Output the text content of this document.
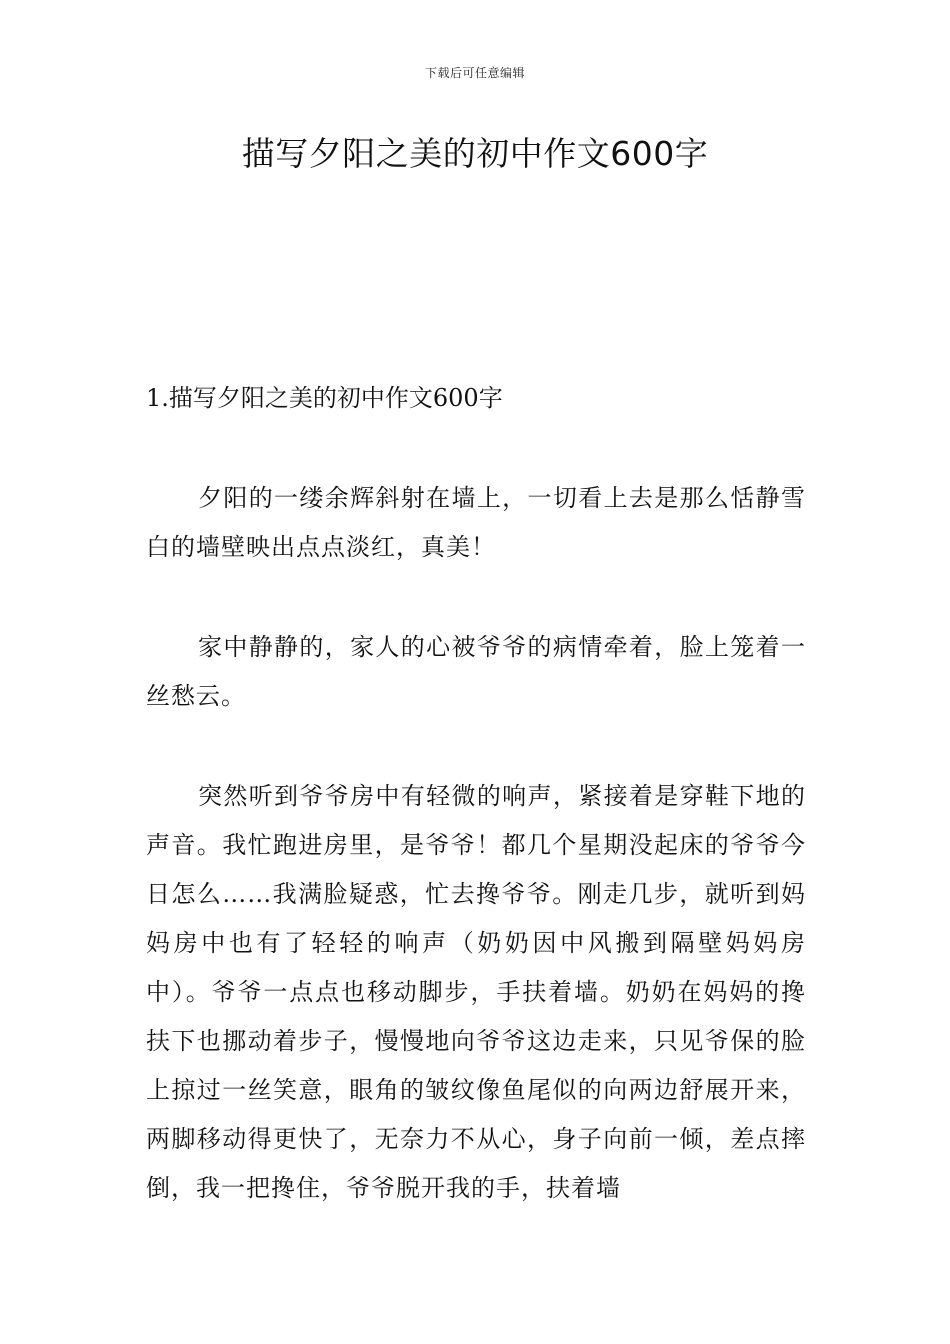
下载后可任意编辑
描写夕阳之美的初中作文600字
1.描写夕阳之美的初中作文600字

夕阳的一缕余辉斜射在墙上，一切看上去是那么恬静雪白的墙壁映出点点淡红，真美！

家中静静的，家人的心被爷爷的病情牵着，脸上笼着一丝愁云。

突然听到爷爷房中有轻微的响声，紧接着是穿鞋下地的声音。我忙跑进房里，是爷爷！都几个星期没起床的爷爷今日怎么……我满脸疑惑，忙去搀爷爷。刚走几步，就听到妈妈房中也有了轻轻的响声（奶奶因中风搬到隔壁妈妈房中）。爷爷一点点也移动脚步，手扶着墙。奶奶在妈妈的搀扶下也挪动着步子，慢慢地向爷爷这边走来，只见爷保的脸上掠过一丝笑意，眼角的皱纹像鱼尾似的向两边舒展开来，两脚移动得更快了，无奈力不从心，身子向前一倾，差点摔倒，我一把搀住，爷爷脱开我的手，扶着墙
